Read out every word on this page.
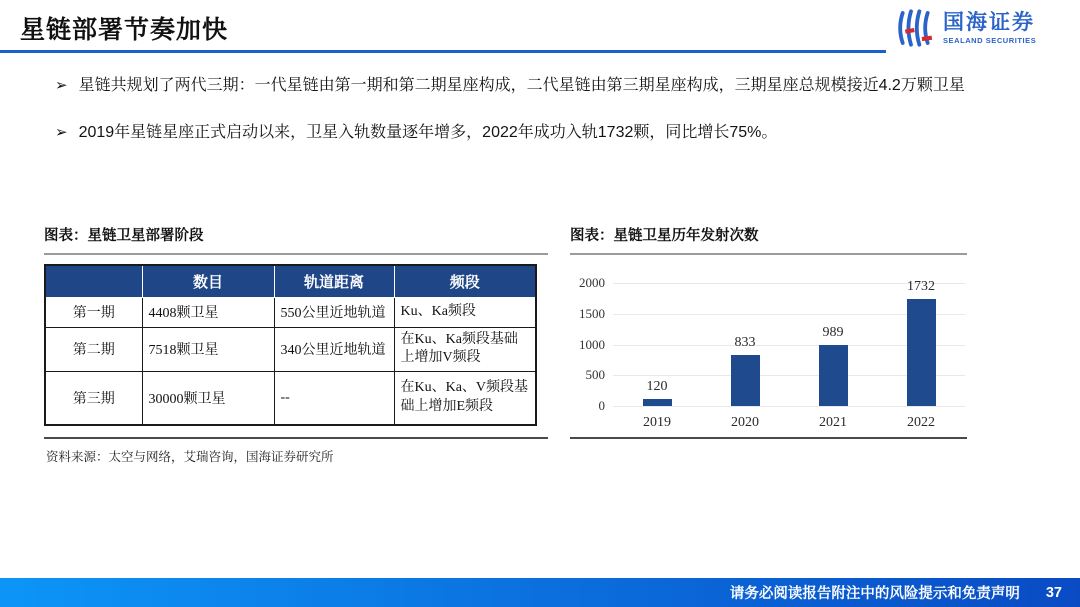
星链部署节奏加快	国海证券
SEALAND SECURITIES
➢ 星链共规划了两代三期：一代星链由第一期和第二期星座构成，二代星链由第三期星座构成，三期星座总规模接近4.2万颗卫星
➢ 2019年星链星座正式启动以来，卫星入轨数量逐年增多，2022年成功入轨1732颗，同比增长75%。
图表：星链卫星部署阶段
	数目	轨道距离	频段
第一期	4408颗卫星	550公里近地轨道	Ku、Ka频段
第二期	7518颗卫星	340公里近地轨道	在Ku、Ka频段基础上增加V频段
第三期	30000颗卫星	--	在Ku、Ka、V频段基础上增加E频段
资料来源：太空与网络，艾瑞咨询，国海证券研究所
图表：星链卫星历年发射次数
0
500
1000
1500
2000
120
2019
833
2020
989
2021
1732
2022
请务必阅读报告附注中的风险提示和免责声明 37
